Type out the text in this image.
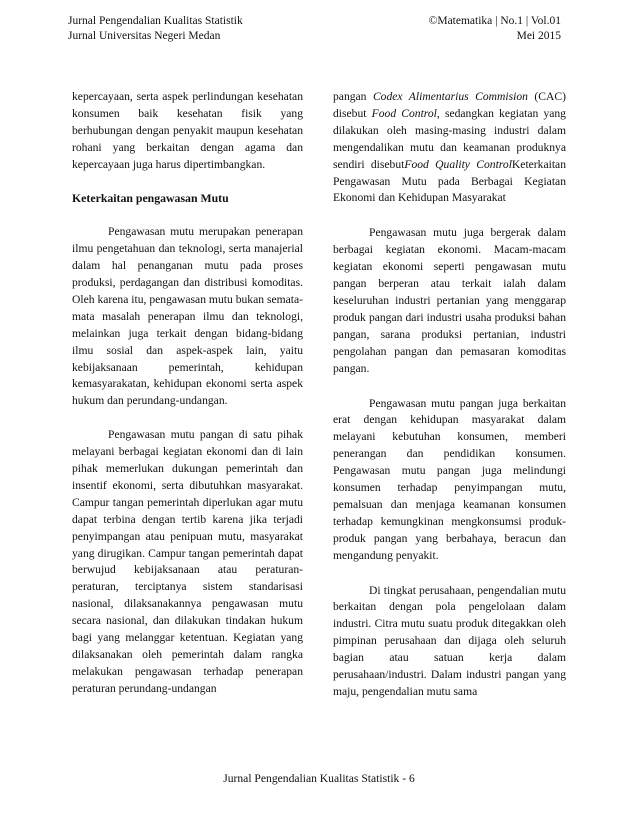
Jurnal Pengendalian Kualitas Statistik
Jurnal Universitas Negeri Medan
©Matematika | No.1 | Vol.01
Mei 2015

kepercayaan, serta aspek perlindungan kesehatan konsumen baik kesehatan fisik yang berhubungan dengan penyakit maupun kesehatan rohani yang berkaitan dengan agama dan kepercayaan juga harus dipertimbangkan.

Keterkaitan pengawasan Mutu

Pengawasan mutu merupakan penerapan ilmu pengetahuan dan teknologi, serta manajerial dalam hal penanganan mutu pada proses produksi, perdagangan dan distribusi komoditas. Oleh karena itu, pengawasan mutu bukan semata-mata masalah penerapan ilmu dan teknologi, melainkan juga terkait dengan bidang-bidang ilmu sosial dan aspek-aspek lain, yaitu kebijaksanaan pemerintah, kehidupan kemasyarakatan, kehidupan ekonomi serta aspek hukum dan perundang-undangan.

Pengawasan mutu pangan di satu pihak melayani berbagai kegiatan ekonomi dan di lain pihak memerlukan dukungan pemerintah dan insentif ekonomi, serta dibutuhkan masyarakat. Campur tangan pemerintah diperlukan agar mutu dapat terbina dengan tertib karena jika terjadi penyimpangan atau penipuan mutu, masyarakat yang dirugikan. Campur tangan pemerintah dapat berwujud kebijaksanaan atau peraturan-peraturan, terciptanya sistem standarisasi nasional, dilaksanakannya pengawasan mutu secara nasional, dan dilakukan tindakan hukum bagi yang melanggar ketentuan. Kegiatan yang dilaksanakan oleh pemerintah dalam rangka melakukan pengawasan terhadap penerapan peraturan perundang-undangan

pangan Codex Alimentarius Commision (CAC) disebut Food Control, sedangkan kegiatan yang dilakukan oleh masing-masing industri dalam mengendalikan mutu dan keamanan produknya sendiri disebutFood Quality ControlKeterkaitan Pengawasan Mutu pada Berbagai Kegiatan Ekonomi dan Kehidupan Masyarakat

Pengawasan mutu juga bergerak dalam berbagai kegiatan ekonomi. Macam-macam kegiatan ekonomi seperti pengawasan mutu pangan berperan atau terkait ialah dalam keseluruhan industri pertanian yang menggarap produk pangan dari industri usaha produksi bahan pangan, sarana produksi pertanian, industri pengolahan pangan dan pemasaran komoditas pangan.

Pengawasan mutu pangan juga berkaitan erat dengan kehidupan masyarakat dalam melayani kebutuhan konsumen, memberi penerangan dan pendidikan konsumen. Pengawasan mutu pangan juga melindungi konsumen terhadap penyimpangan mutu, pemalsuan dan menjaga keamanan konsumen terhadap kemungkinan mengkonsumsi produk-produk pangan yang berbahaya, beracun dan mengandung penyakit.

Di tingkat perusahaan, pengendalian mutu berkaitan dengan pola pengelolaan dalam industri. Citra mutu suatu produk ditegakkan oleh pimpinan perusahaan dan dijaga oleh seluruh bagian atau satuan kerja dalam perusahaan/industri. Dalam industri pangan yang maju, pengendalian mutu sama

Jurnal Pengendalian Kualitas Statistik - 6
